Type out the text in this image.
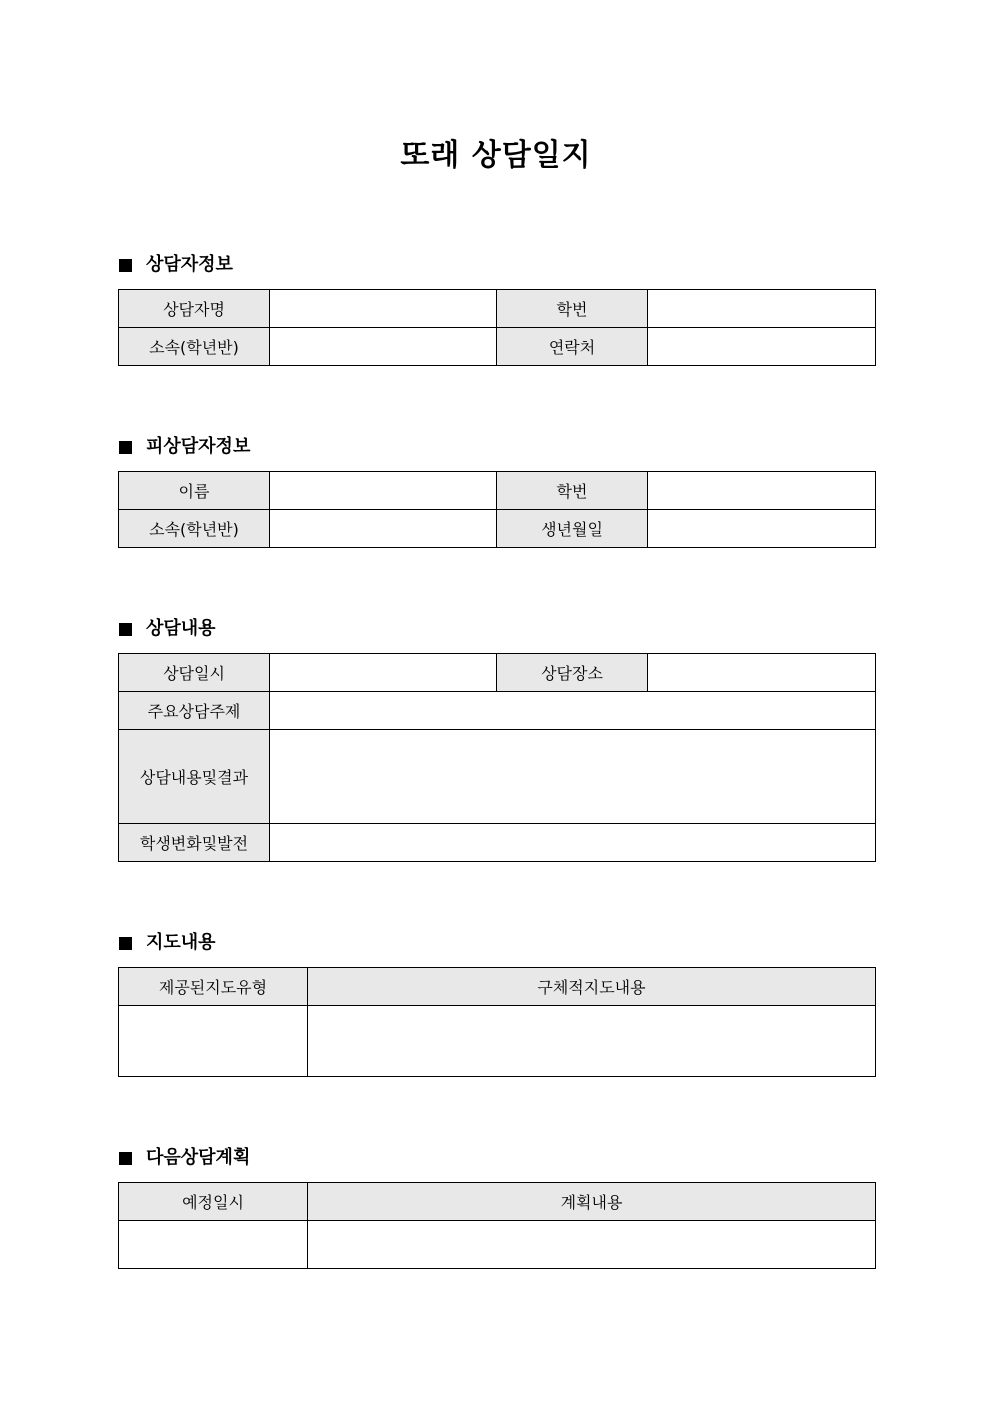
또래 상담일지
상담자정보
상담자명		학번	
소속(학년반)		연락처	
피상담자정보
이름		학번	
소속(학년반)		생년월일	
상담내용
상담일시		상담장소	
주요상담주제			
상담내용및결과			
학생변화및발전			
지도내용
제공된지도유형	구체적지도내용

다음상담계획
예정일시	계획내용
